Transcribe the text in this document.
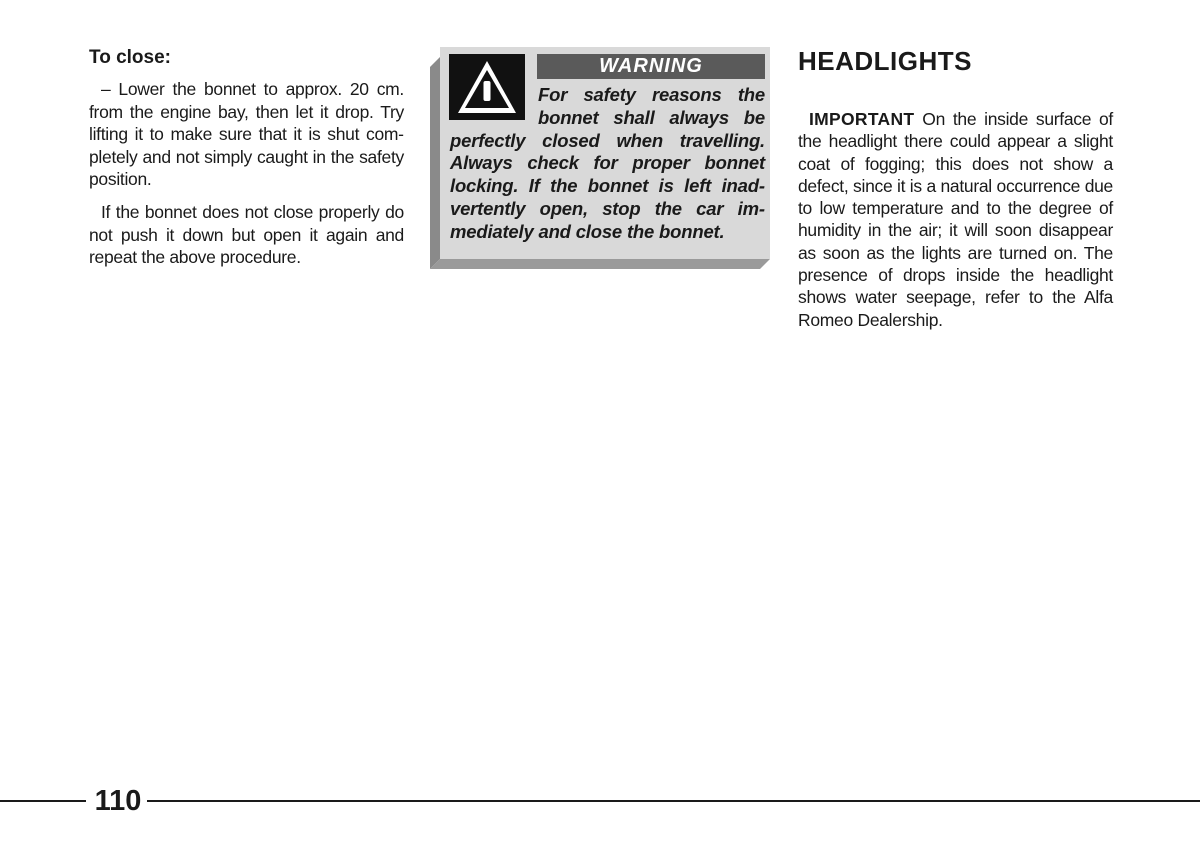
To close:

– Lower the bonnet to approx. 20 cm. from the engine bay, then let it drop. Try lifting it to make sure that it is shut completely and not simply caught in the safety position.

If the bonnet does not close properly do not push it down but open it again and repeat the above procedure.

WARNING
For safety reasons the bonnet shall always be perfectly closed when travelling. Always check for proper bonnet locking. If the bonnet is left inadvertently open, stop the car immediately and close the bonnet.
HEADLIGHTS

IMPORTANT On the inside surface of the headlight there could appear a slight coat of fogging; this does not show a defect, since it is a natural occurrence due to low temperature and to the degree of humidity in the air; it will soon disappear as soon as the lights are turned on. The presence of drops inside the headlight shows water seepage, refer to the Alfa Romeo Dealership.

110
